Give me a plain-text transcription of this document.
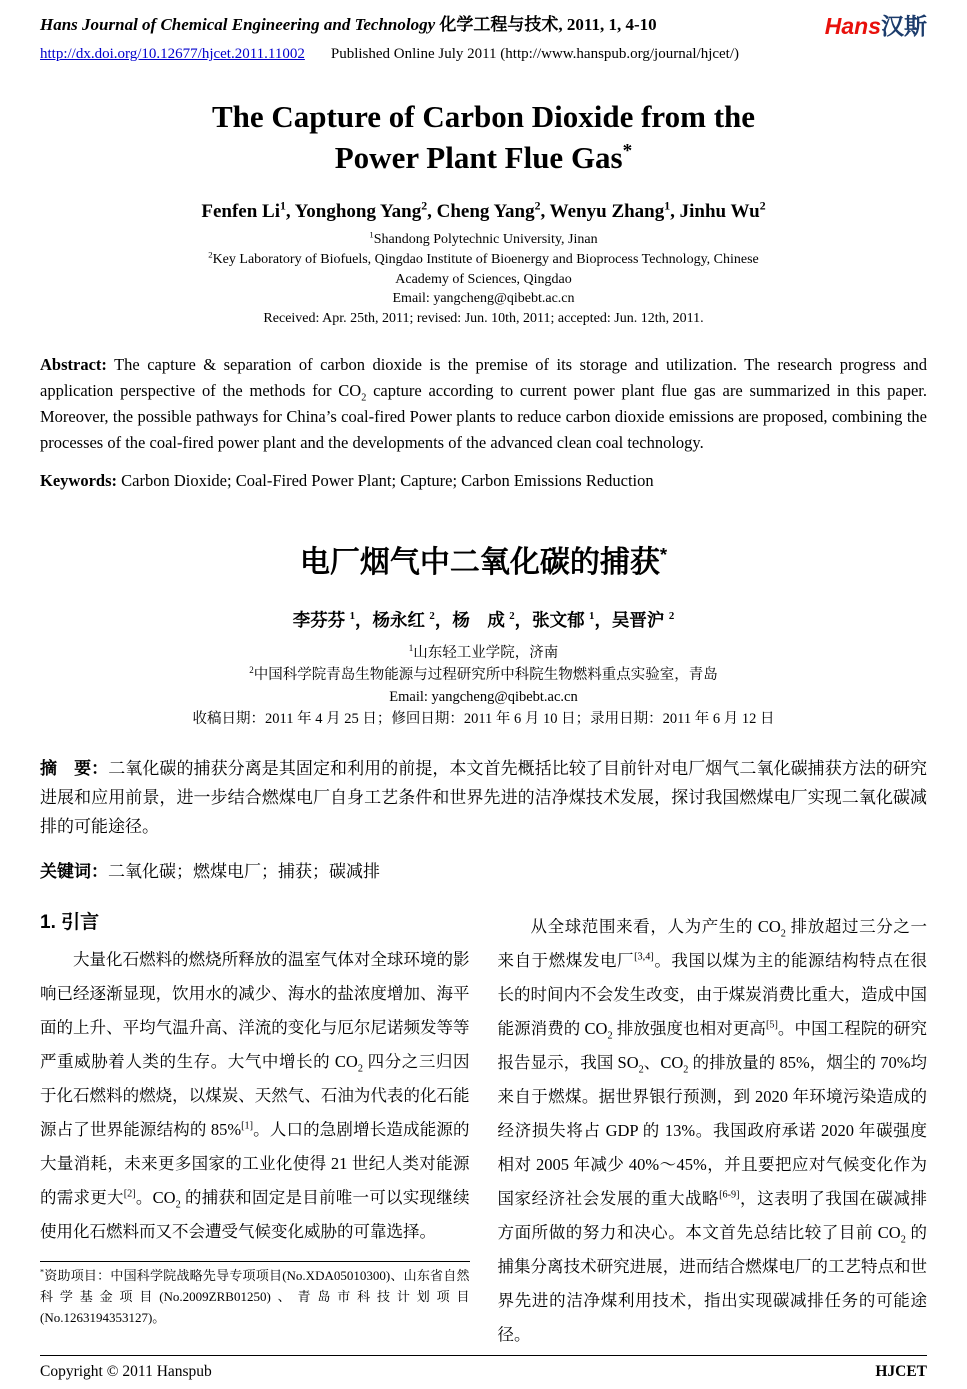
Hans Journal of Chemical Engineering and Technology 化学工程与技术, 2011, 1, 4-10	Hans汉斯
http://dx.doi.org/10.12677/hjcet.2011.11002 Published Online July 2011 (http://www.hanspub.org/journal/hjcet/)
The Capture of Carbon Dioxide from the
Power Plant Flue Gas*
Fenfen Li$^1$, Yonghong Yang$^2$, Cheng Yang$^2$, Wenyu Zhang$^1$, Jinhu Wu$^2$
$^1$Shandong Polytechnic University, Jinan
$^2$Key Laboratory of Biofuels, Qingdao Institute of Bioenergy and Bioprocess Technology, Chinese
Academy of Sciences, Qingdao
Email: yangcheng@qibebt.ac.cn
Received: Apr. 25th, 2011; revised: Jun. 10th, 2011; accepted: Jun. 12th, 2011.

Abstract: The capture & separation of carbon dioxide is the premise of its storage and utilization. The research progress and application perspective of the methods for $CO_2$ capture according to current power plant flue gas are summarized in this paper. Moreover, the possible pathways for China’s coal-fired Power plants to reduce carbon dioxide emissions are proposed, combining the processes of the coal-fired power plant and the developments of the advanced clean coal technology.

Keywords: Carbon Dioxide; Coal-Fired Power Plant; Capture; Carbon Emissions Reduction

电厂烟气中二氧化碳的捕获*
李芬芬 $^1$，杨永红 $^2$，杨　成 $^2$，张文郁 $^1$，吴晋沪 $^2$
$^1$山东轻工业学院，济南
$^2$中国科学院青岛生物能源与过程研究所中科院生物燃料重点实验室，青岛
Email: yangcheng@qibebt.ac.cn
收稿日期：2011 年 4 月 25 日；修回日期：2011 年 6 月 10 日；录用日期：2011 年 6 月 12 日

摘　要：二氧化碳的捕获分离是其固定和利用的前提，本文首先概括比较了目前针对电厂烟气二氧化碳捕获方法的研究进展和应用前景，进一步结合燃煤电厂自身工艺条件和世界先进的洁净煤技术发展，探讨我国燃煤电厂实现二氧化碳减排的可能途径。

关键词：二氧化碳；燃煤电厂；捕获；碳减排

1. 引言

大量化石燃料的燃烧所释放的温室气体对全球环境的影响已经逐渐显现，饮用水的减少、海水的盐浓度增加、海平面的上升、平均气温升高、洋流的变化与厄尔尼诺频发等等严重威胁着人类的生存。大气中增长的 $CO_2$ 四分之三归因于化石燃料的燃烧，以煤炭、天然气、石油为代表的化石能源占了世界能源结构的 85%[1]。人口的急剧增长造成能源的大量消耗，未来更多国家的工业化使得 21 世纪人类对能源的需求更大[2]。$CO_2$ 的捕获和固定是目前唯一可以实现继续使用化石燃料而又不会遭受气候变化威胁的可靠选择。

*资助项目：中国科学院战略先导专项项目(No.XDA05010300)、山东省自然科学基金项目(No.2009ZRB01250)、青岛市科技计划项目(No.1263194353127)。

从全球范围来看，人为产生的 $CO_2$ 排放超过三分之一来自于燃煤发电厂[3,4]。我国以煤为主的能源结构特点在很长的时间内不会发生改变，由于煤炭消费比重大，造成中国能源消费的 $CO_2$ 排放强度也相对更高[5]。中国工程院的研究报告显示，我国 $SO_2$、$CO_2$ 的排放量的 85%，烟尘的 70%均来自于燃煤。据世界银行预测，到 2020 年环境污染造成的经济损失将占 GDP 的 13%。我国政府承诺 2020 年碳强度相对 2005 年减少 40%～45%，并且要把应对气候变化作为国家经济社会发展的重大战略[6-9]，这表明了我国在碳减排方面所做的努力和决心。本文首先总结比较了目前 $CO_2$ 的捕集分离技术研究进展，进而结合燃煤电厂的工艺特点和世界先进的洁净煤利用技术，指出实现碳减排任务的可能途径。

Copyright © 2011 Hanspub	HJCET
